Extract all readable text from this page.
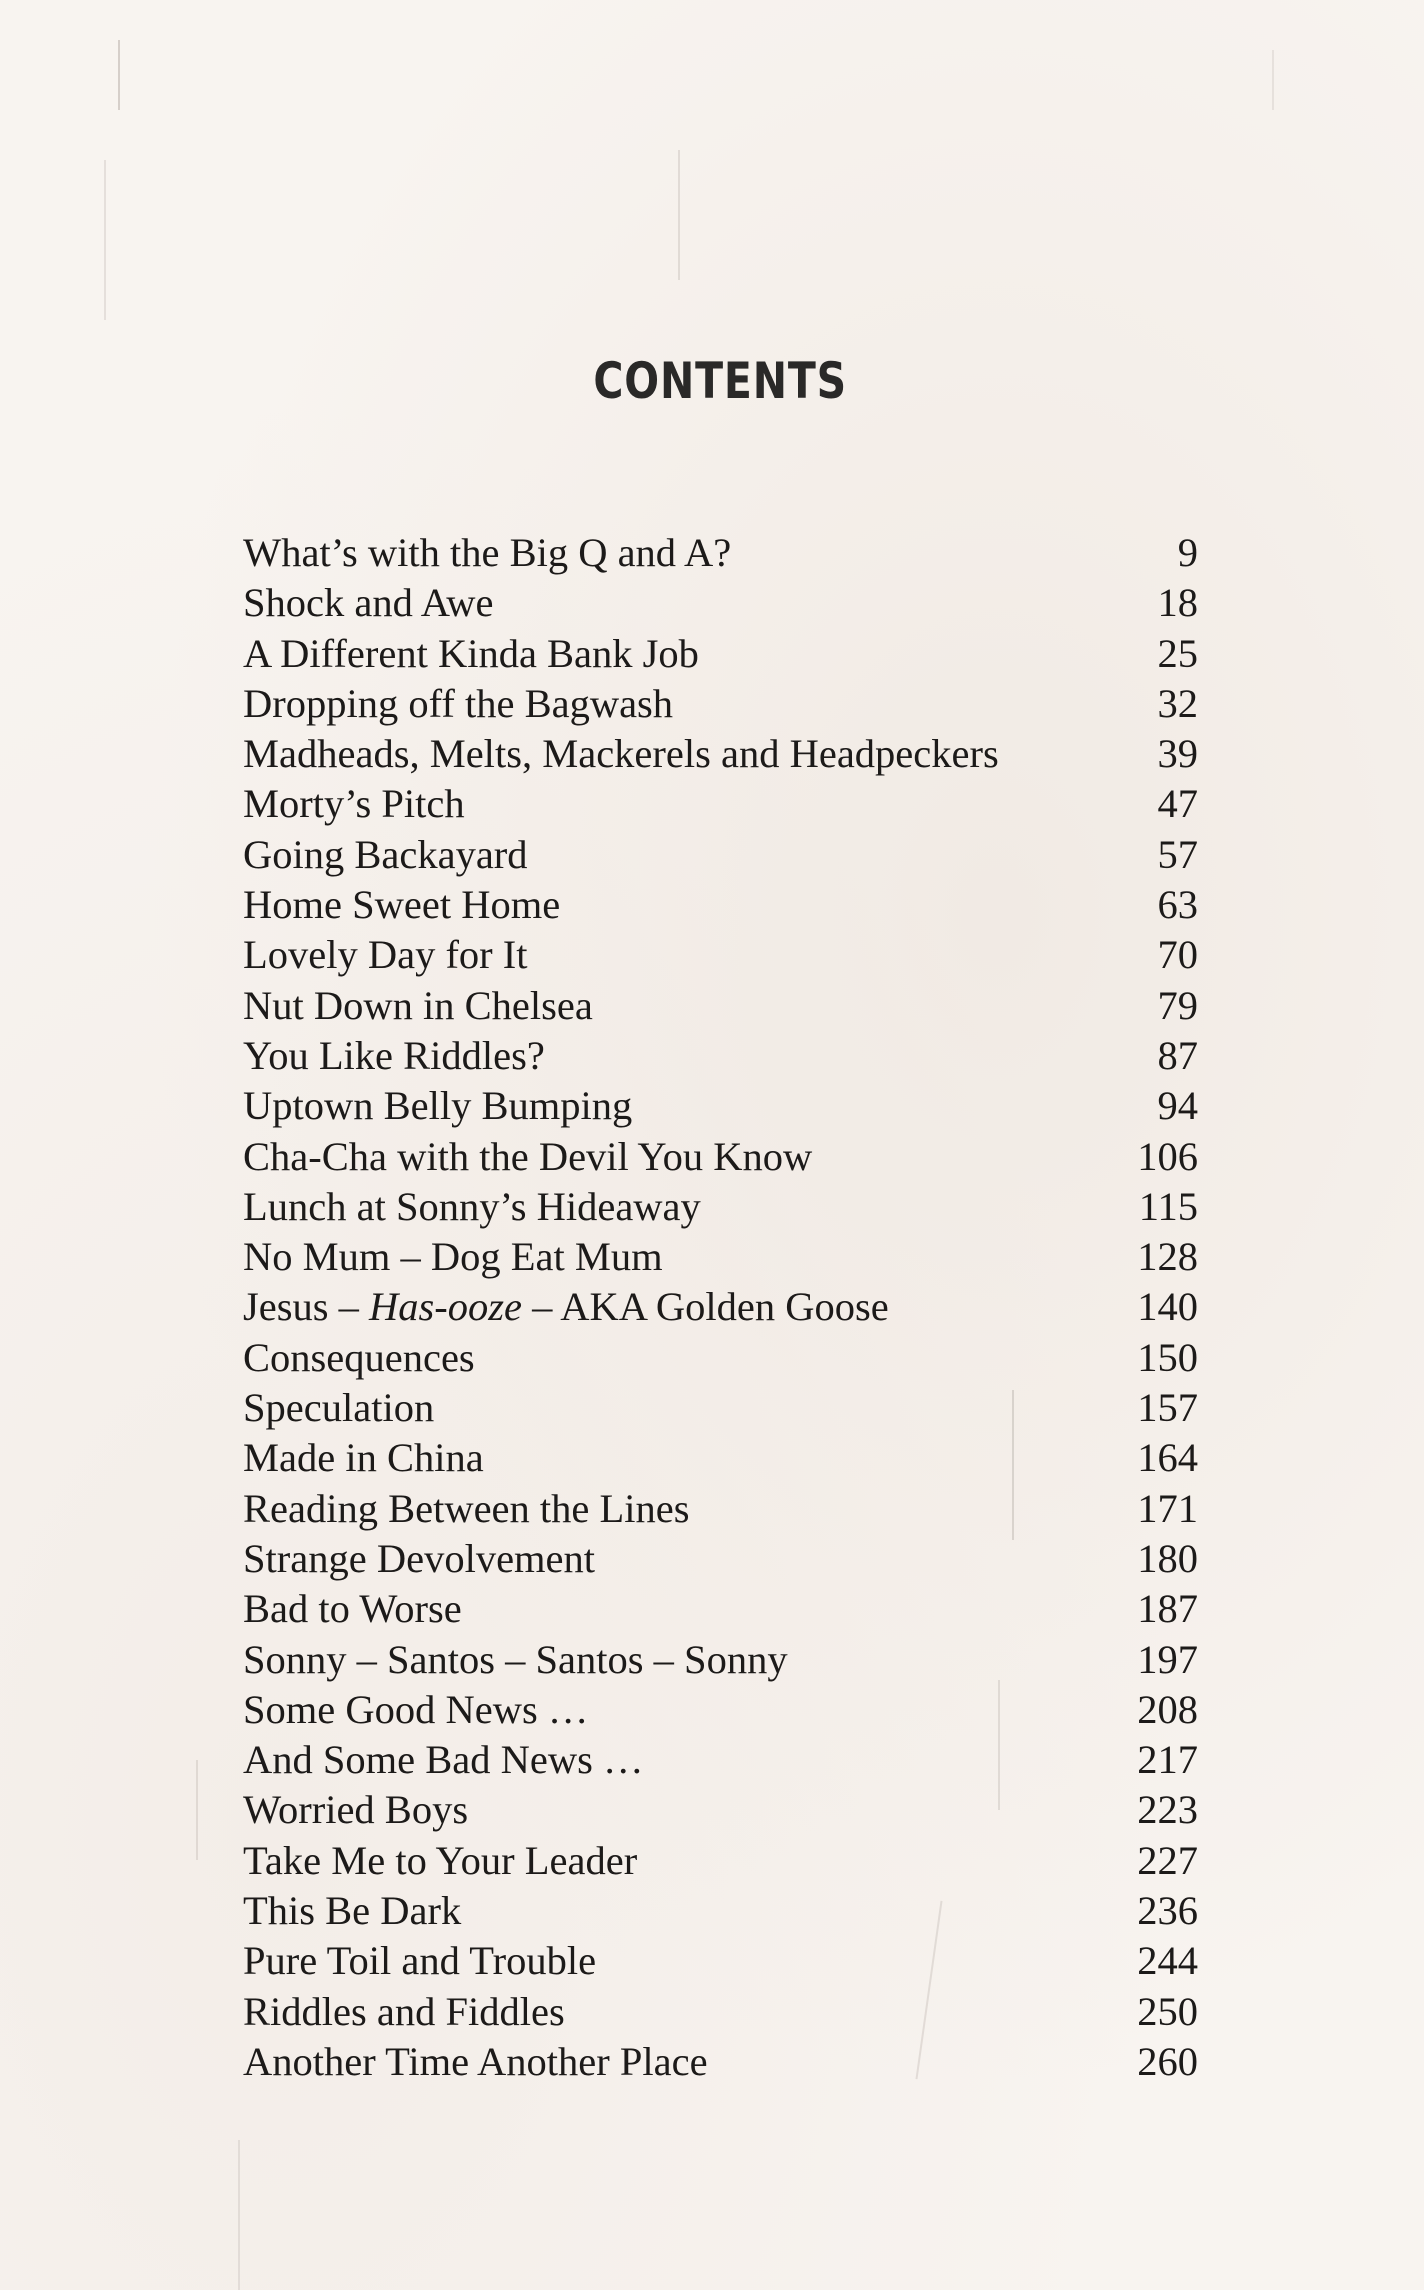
CONTENTS
What’s with the Big Q and A?	9
Shock and Awe	18
A Different Kinda Bank Job	25
Dropping off the Bagwash	32
Madheads, Melts, Mackerels and Headpeckers	39
Morty’s Pitch	47
Going Backayard	57
Home Sweet Home	63
Lovely Day for It	70
Nut Down in Chelsea	79
You Like Riddles?	87
Uptown Belly Bumping	94
Cha-Cha with the Devil You Know	106
Lunch at Sonny’s Hideaway	115
No Mum – Dog Eat Mum	128
Jesus – Has-ooze – AKA Golden Goose	140
Consequences	150
Speculation	157
Made in China	164
Reading Between the Lines	171
Strange Devolvement	180
Bad to Worse	187
Sonny – Santos – Santos – Sonny	197
Some Good News …	208
And Some Bad News …	217
Worried Boys	223
Take Me to Your Leader	227
This Be Dark	236
Pure Toil and Trouble	244
Riddles and Fiddles	250
Another Time Another Place	260
